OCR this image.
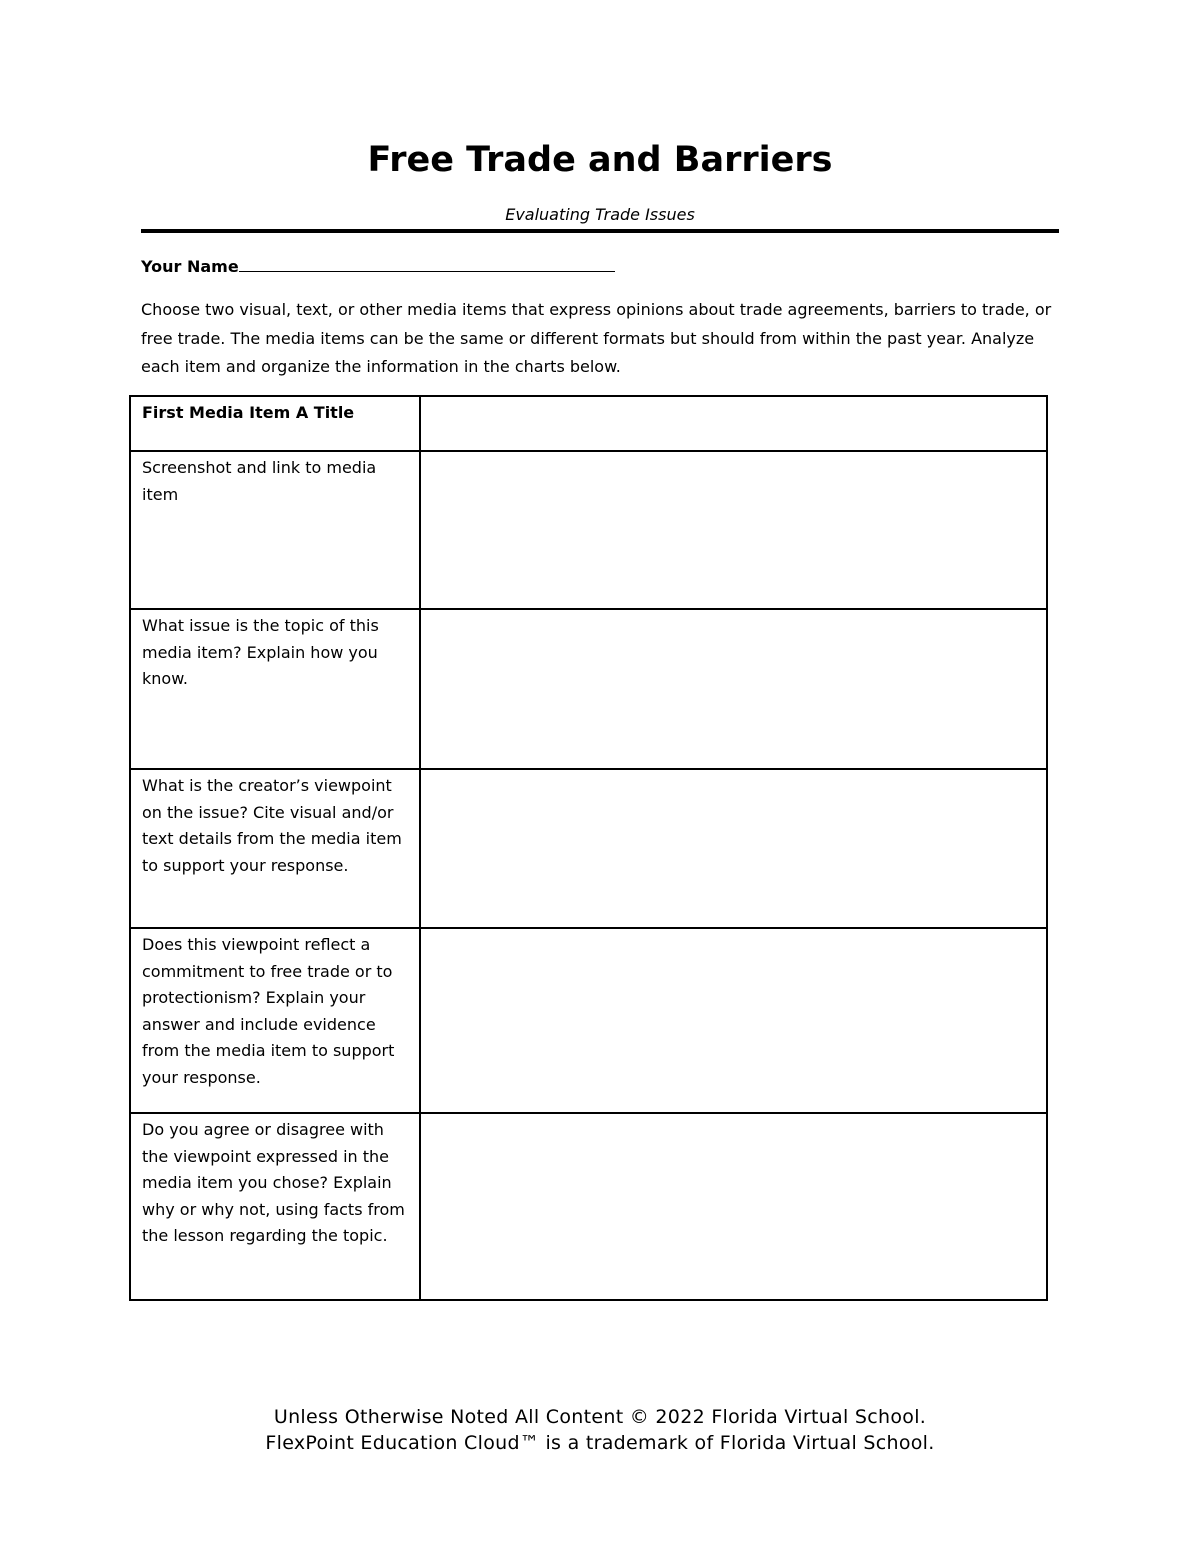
Free Trade and Barriers
Evaluating Trade Issues
Your Name
Choose two visual, text, or other media items that express opinions about trade agreements, barriers to trade, or free trade. The media items can be the same or different formats but should from within the past year. Analyze each item and organize the information in the charts below.
First Media Item A Title	
Screenshot and link to media item	
What issue is the topic of this media item? Explain how you know.	
What is the creator’s viewpoint on the issue? Cite visual and/or text details from the media item to support your response.	
Does this viewpoint reflect a commitment to free trade or to protectionism? Explain your answer and include evidence from the media item to support your response.	
Do you agree or disagree with the viewpoint expressed in the media item you chose? Explain why or why not, using facts from the lesson regarding the topic.	
Unless Otherwise Noted All Content © 2022 Florida Virtual School.
FlexPoint Education Cloud™ is a trademark of Florida Virtual School.
